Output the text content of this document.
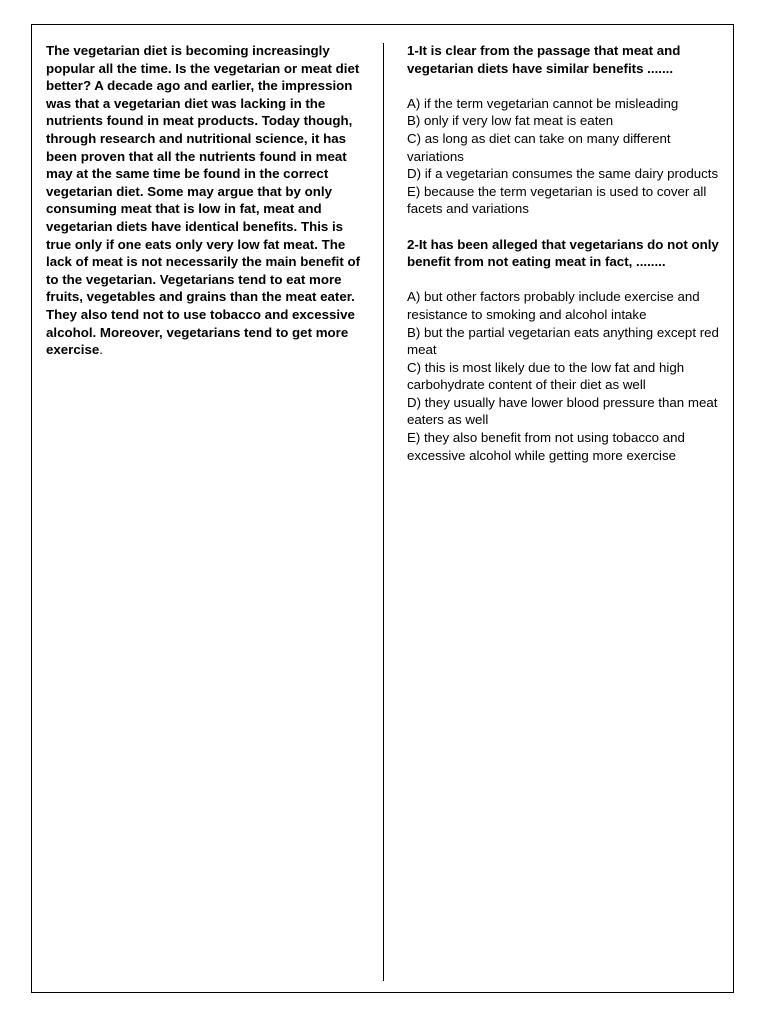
The vegetarian diet is becoming increasingly popular all the time. Is the vegetarian or meat diet better? A decade ago and earlier, the impression was that a vegetarian diet was lacking in the nutrients found in meat products. Today though, through research and nutritional science, it has been proven that all the nutrients found in meat may at the same time be found in the correct vegetarian diet. Some may argue that by only consuming meat that is low in fat, meat and vegetarian diets have identical benefits. This is true only if one eats only very low fat meat. The lack of meat is not necessarily the main benefit of to the vegetarian. Vegetarians tend to eat more fruits, vegetables and grains than the meat eater. They also tend not to use tobacco and excessive alcohol. Moreover, vegetarians tend to get more exercise.

1-It is clear from the passage that meat and vegetarian diets have similar benefits .......

A) if the term vegetarian cannot be misleading

B) only if very low fat meat is eaten

C) as long as diet can take on many different variations

D) if a vegetarian consumes the same dairy products

E) because the term vegetarian is used to cover all facets and variations

2-It has been alleged that vegetarians do not only benefit from not eating meat in fact, ........

A) but other factors probably include exercise and resistance to smoking and alcohol intake

B) but the partial vegetarian eats anything except red meat

C) this is most likely due to the low fat and high carbohydrate content of their diet as well

D) they usually have lower blood pressure than meat eaters as well

E) they also benefit from not using tobacco and excessive alcohol while getting more exercise
